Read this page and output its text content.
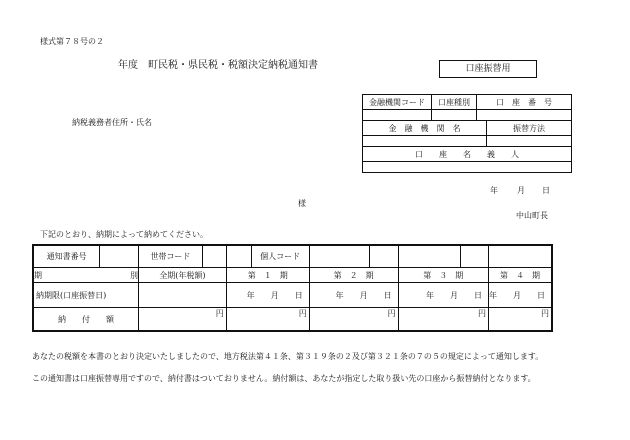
様式第７８号の２
年度　町民税・県民税・税額決定納税通知書	口座振替用
金融機関コード	口座種別	口　座　番　号	

金　融　機　関　名			振替方法

口　　座　　名　　義　　人			

納税義務者住所・氏名
年 月 日
様
中山町長
下記のとおり、納期によって納めてください。
通知書番号		世帯コード			個人コード					
期　　　　　　　　　　　別		全期(年税額)		第　１　期		第　２　期		第　３　期		第　４　期
納期限(口座振替日)				年　　 月　　 日		年　　 月　　 日		年　　 月　　 日		年　　 月　　 日
納　　付　　額		円		円		円		円		円
あなたの税額を本書のとおり決定いたしましたので、地方税法第４１条、第３１９条の２及び第３２１条の７の５の規定によって通知します。
この通知書は口座振替専用ですので、納付書はついておりません。納付額は、あなたが指定した取り扱い先の口座から振替納付となります。
